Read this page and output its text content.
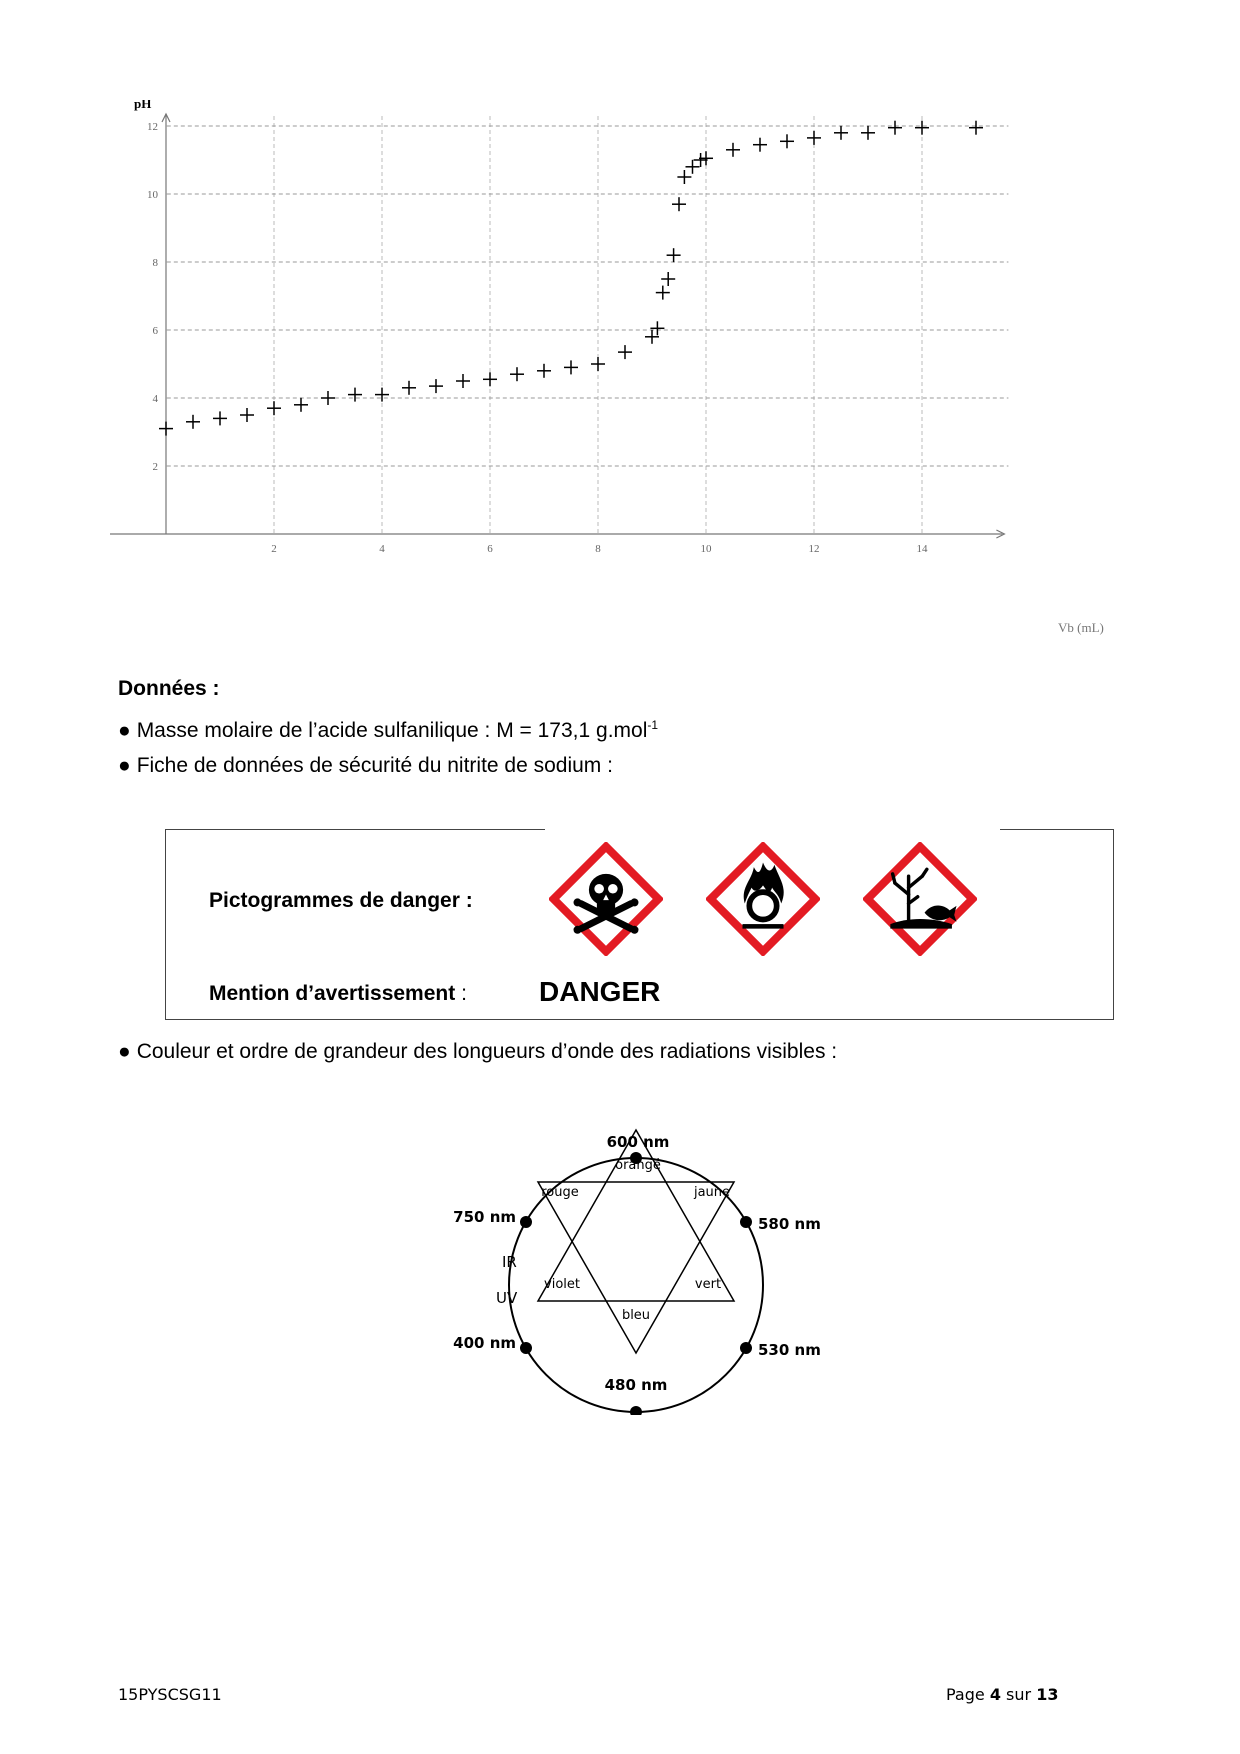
2	4	6	8	10	12	14
2
4
6
8
10
12
pH
Vb (mL)
Données :
● Masse molaire de l’acide sulfanilique : M = 173,1 g.mol$^{-1}$
● Fiche de données de sécurité du nitrite de sodium :
Pictogrammes de danger :
Mention d’avertissement :	DANGER
● Couleur et ordre de grandeur des longueurs d’onde des radiations visibles :
600 nm
580 nm
530 nm
480 nm
400 nm
750 nm
IR
UV
orangé
rouge	jaune
violet	vert
bleu
15PYSCSG11	Page 4 sur 13
